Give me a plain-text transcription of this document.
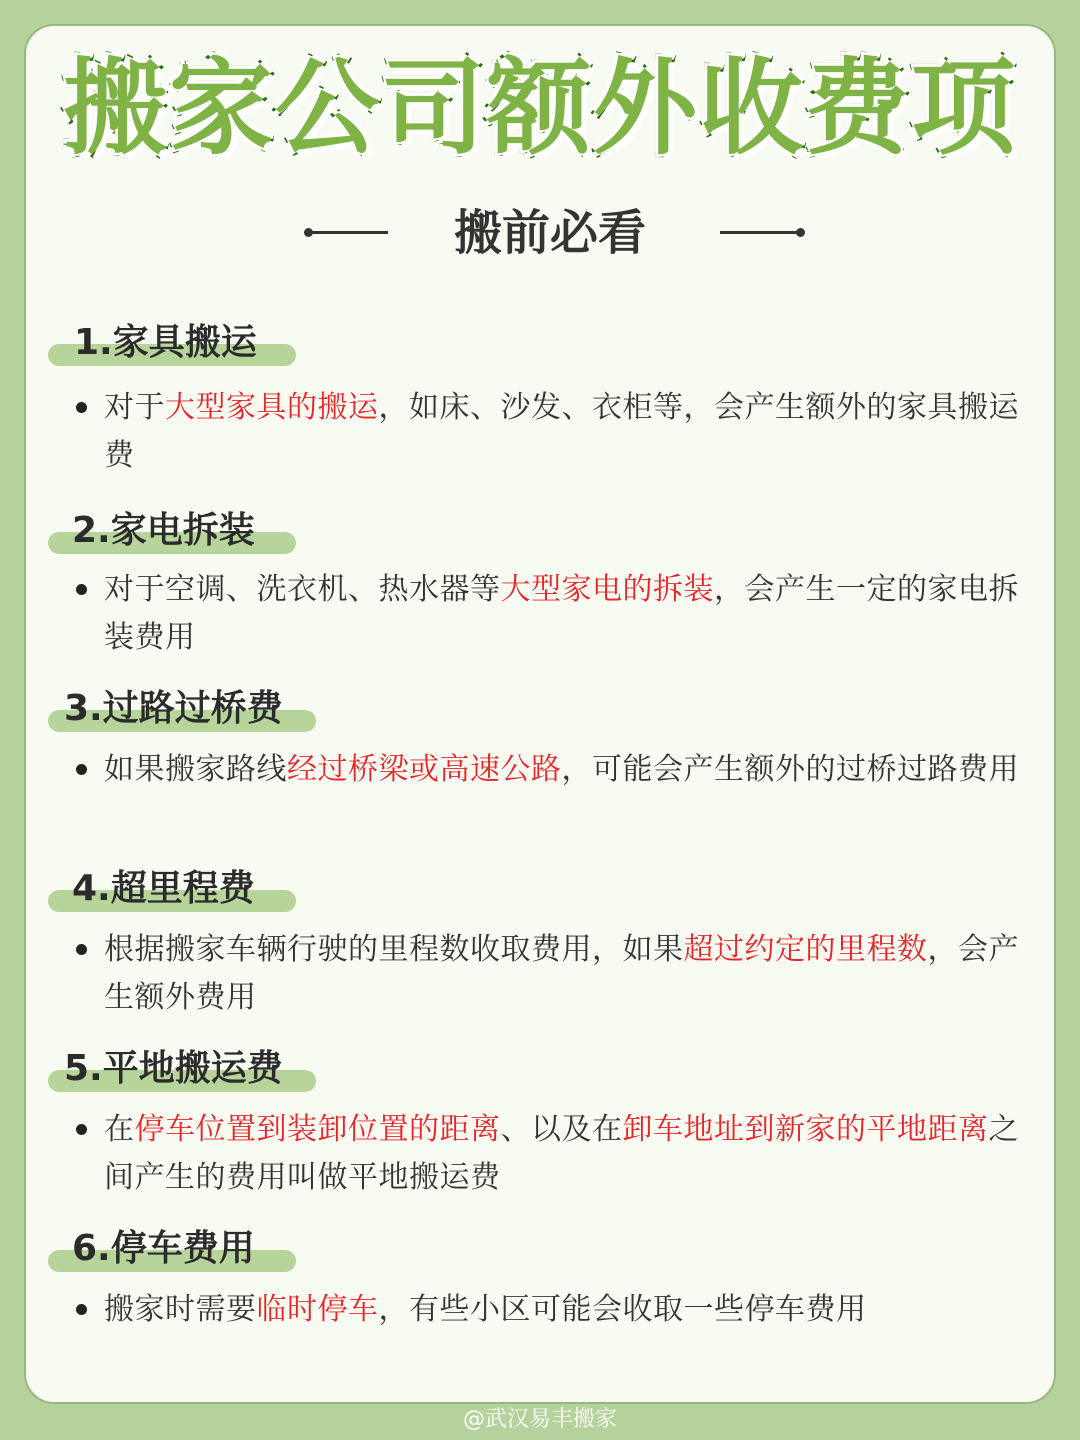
搬家公司额外收费项
搬前必看
1.家具搬运
对于大型家具的搬运，如床、沙发、衣柜等，会产生额外的家具搬运费
2.家电拆装
对于空调、洗衣机、热水器等大型家电的拆装，会产生一定的家电拆装费用
3.过路过桥费
如果搬家路线经过桥梁或高速公路，可能会产生额外的过桥过路费用
4.超里程费
根据搬家车辆行驶的里程数收取费用，如果超过约定的里程数，会产生额外费用
5.平地搬运费
在停车位置到装卸位置的距离、以及在卸车地址到新家的平地距离之间产生的费用叫做平地搬运费
6.停车费用
搬家时需要临时停车，有些小区可能会收取一些停车费用
@武汉易丰搬家
